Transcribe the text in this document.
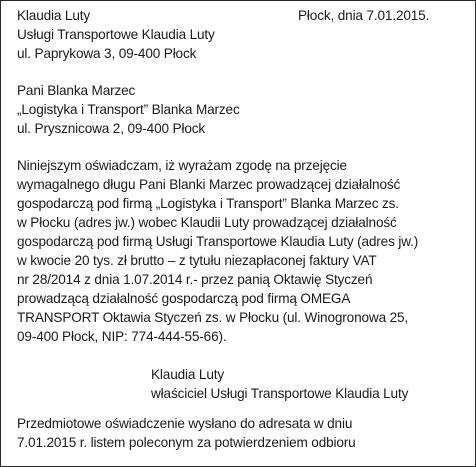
Klaudia Luty
Usługi Transportowe Klaudia Luty
ul. Paprykowa 3, 09-400 Płock
Płock, dnia 7.01.2015.
Pani Blanka Marzec
„Logistyka i Transport” Blanka Marzec
ul. Prysznicowa 2, 09-400 Płock
Niniejszym oświadczam, iż wyrażam zgodę na przejęcie
wymagalnego długu Pani Blanki Marzec prowadzącej działalność
gospodarczą pod firmą „Logistyka i Transport” Blanka Marzec zs.
w Płocku (adres jw.) wobec Klaudii Luty prowadzącej działalność
gospodarczą pod firmą Usługi Transportowe Klaudia Luty (adres jw.)
w kwocie 20 tys. zł brutto – z tytułu niezapłaconej faktury VAT
nr 28/2014 z dnia 1.07.2014 r.- przez panią Oktawię Styczeń
prowadzącą działalność gospodarczą pod firmą OMEGA
TRANSPORT Oktawia Styczeń zs. w Płocku (ul. Winogronowa 25,
09-400 Płock, NIP: 774-444-55-66).
Klaudia Luty
właściciel Usługi Transportowe Klaudia Luty
Przedmiotowe oświadczenie wysłano do adresata w dniu
7.01.2015 r. listem poleconym za potwierdzeniem odbioru
